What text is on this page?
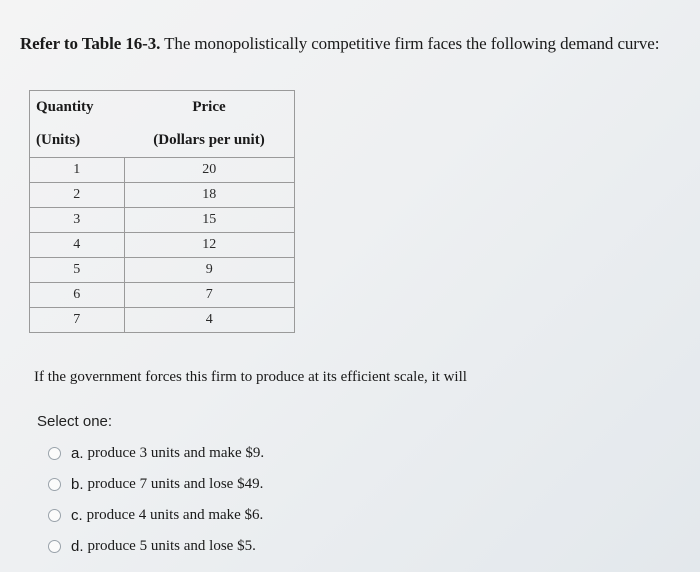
Refer to Table 16-3. The monopolistically competitive firm faces the following demand curve:
Quantity	Price
(Units)	(Dollars per unit)
1	20
2	18
3	15
4	12
5	9
6	7
7	4
If the government forces this firm to produce at its efficient scale, it will
Select one:
a. produce 3 units and make $9.
b. produce 7 units and lose $49.
c. produce 4 units and make $6.
d. produce 5 units and lose $5.
